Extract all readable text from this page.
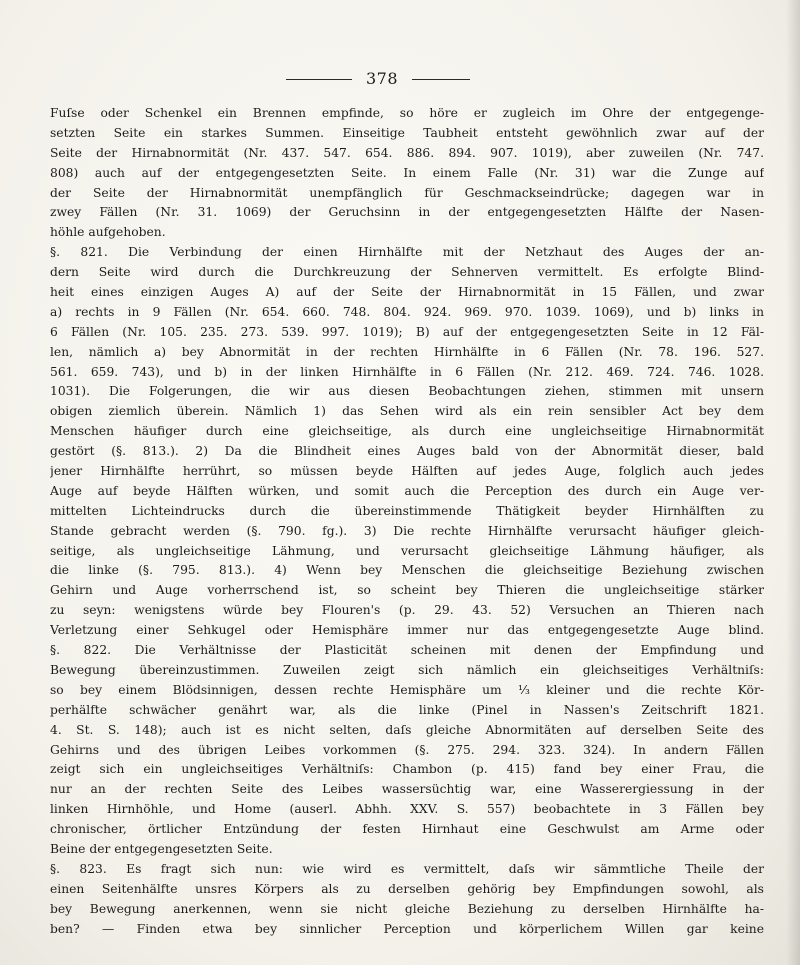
378
Fuſse oder Schenkel ein Brennen empfinde, so höre er zugleich im Ohre der entgegenge-
setzten Seite ein starkes Summen. Einseitige Taubheit entsteht gewöhnlich zwar auf der
Seite der Hirnabnormität (Nr. 437. 547. 654. 886. 894. 907. 1019), aber zuweilen (Nr. 747.
808) auch auf der entgegengesetzten Seite. In einem Falle (Nr. 31) war die Zunge auf
der Seite der Hirnabnormität unempfänglich für Geschmackseindrücke; dagegen war in
zwey Fällen (Nr. 31. 1069) der Geruchsinn in der entgegengesetzten Hälfte der Nasen-
höhle aufgehoben.
§. 821. Die Verbindung der einen Hirnhälfte mit der Netzhaut des Auges der an-
dern Seite wird durch die Durchkreuzung der Sehnerven vermittelt. Es erfolgte Blind-
heit eines einzigen Auges A) auf der Seite der Hirnabnormität in 15 Fällen, und zwar
a) rechts in 9 Fällen (Nr. 654. 660. 748. 804. 924. 969. 970. 1039. 1069), und b) links in
6 Fällen (Nr. 105. 235. 273. 539. 997. 1019); B) auf der entgegengesetzten Seite in 12 Fäl-
len, nämlich a) bey Abnormität in der rechten Hirnhälfte in 6 Fällen (Nr. 78. 196. 527.
561. 659. 743), und b) in der linken Hirnhälfte in 6 Fällen (Nr. 212. 469. 724. 746. 1028.
1031). Die Folgerungen, die wir aus diesen Beobachtungen ziehen, stimmen mit unsern
obigen ziemlich überein. Nämlich 1) das Sehen wird als ein rein sensibler Act bey dem
Menschen häufiger durch eine gleichseitige, als durch eine ungleichseitige Hirnabnormität
gestört (§. 813.). 2) Da die Blindheit eines Auges bald von der Abnormität dieser, bald
jener Hirnhälfte herrührt, so müssen beyde Hälften auf jedes Auge, folglich auch jedes
Auge auf beyde Hälften würken, und somit auch die Perception des durch ein Auge ver-
mittelten Lichteindrucks durch die übereinstimmende Thätigkeit beyder Hirnhälften zu
Stande gebracht werden (§. 790. fg.). 3) Die rechte Hirnhälfte verursacht häufiger gleich-
seitige, als ungleichseitige Lähmung, und verursacht gleichseitige Lähmung häufiger, als
die linke (§. 795. 813.). 4) Wenn bey Menschen die gleichseitige Beziehung zwischen
Gehirn und Auge vorherrschend ist, so scheint bey Thieren die ungleichseitige stärker
zu seyn: wenigstens würde bey Flouren's (p. 29. 43. 52) Versuchen an Thieren nach
Verletzung einer Sehkugel oder Hemisphäre immer nur das entgegengesetzte Auge blind.
§. 822. Die Verhältnisse der Plasticität scheinen mit denen der Empfindung und
Bewegung übereinzustimmen. Zuweilen zeigt sich nämlich ein gleichseitiges Verhältniſs:
so bey einem Blödsinnigen, dessen rechte Hemisphäre um ⅓ kleiner und die rechte Kör-
perhälfte schwächer genährt war, als die linke (Pinel in Nassen's Zeitschrift 1821.
4. St. S. 148); auch ist es nicht selten, daſs gleiche Abnormitäten auf derselben Seite des
Gehirns und des übrigen Leibes vorkommen (§. 275. 294. 323. 324). In andern Fällen
zeigt sich ein ungleichseitiges Verhältniſs: Chambon (p. 415) fand bey einer Frau, die
nur an der rechten Seite des Leibes wassersüchtig war, eine Wasserergiessung in der
linken Hirnhöhle, und Home (auserl. Abhh. XXV. S. 557) beobachtete in 3 Fällen bey
chronischer, örtlicher Entzündung der festen Hirnhaut eine Geschwulst am Arme oder
Beine der entgegengesetzten Seite.
§. 823. Es fragt sich nun: wie wird es vermittelt, daſs wir sämmtliche Theile der
einen Seitenhälfte unsres Körpers als zu derselben gehörig bey Empfindungen sowohl, als
bey Bewegung anerkennen, wenn sie nicht gleiche Beziehung zu derselben Hirnhälfte ha-
ben? — Finden etwa bey sinnlicher Perception und körperlichem Willen gar keine
